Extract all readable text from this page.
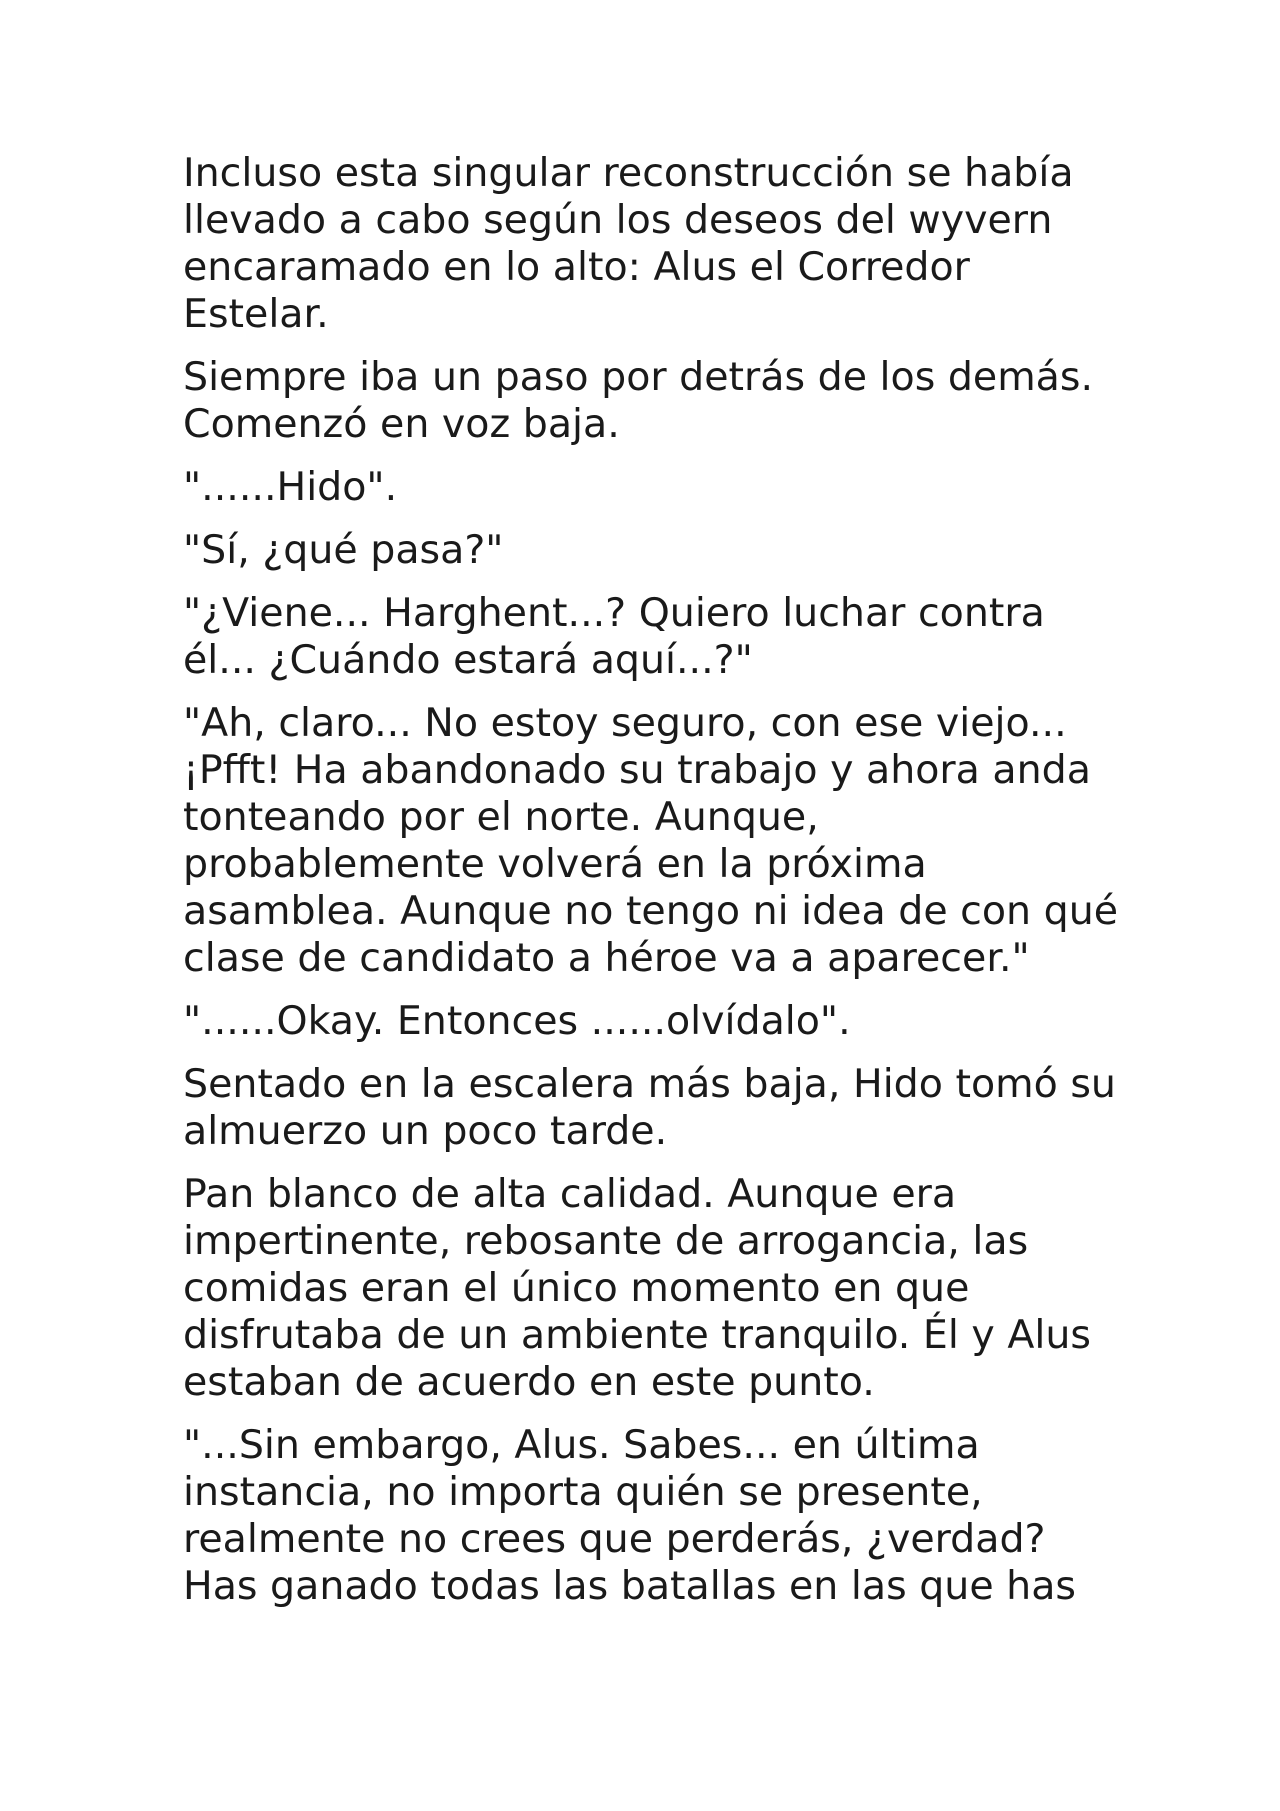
Incluso esta singular reconstrucción se había llevado a cabo según los deseos del wyvern encaramado en lo alto: Alus el Corredor Estelar.

Siempre iba un paso por detrás de los demás. Comenzó en voz baja.

"......Hido".

"Sí, ¿qué pasa?"

"¿Viene... Harghent...? Quiero luchar contra él... ¿Cuándo estará aquí...?"

"Ah, claro... No estoy seguro, con ese viejo... ¡Pfft! Ha abandonado su trabajo y ahora anda tonteando por el norte. Aunque, probablemente volverá en la próxima asamblea. Aunque no tengo ni idea de con qué clase de candidato a héroe va a aparecer."

"......Okay. Entonces ......olvídalo".

Sentado en la escalera más baja, Hido tomó su almuerzo un poco tarde.

Pan blanco de alta calidad. Aunque era impertinente, rebosante de arrogancia, las comidas eran el único momento en que disfrutaba de un ambiente tranquilo. Él y Alus estaban de acuerdo en este punto.

"...Sin embargo, Alus. Sabes... en última instancia, no importa quién se presente, realmente no crees que perderás, ¿verdad? Has ganado todas las batallas en las que has
